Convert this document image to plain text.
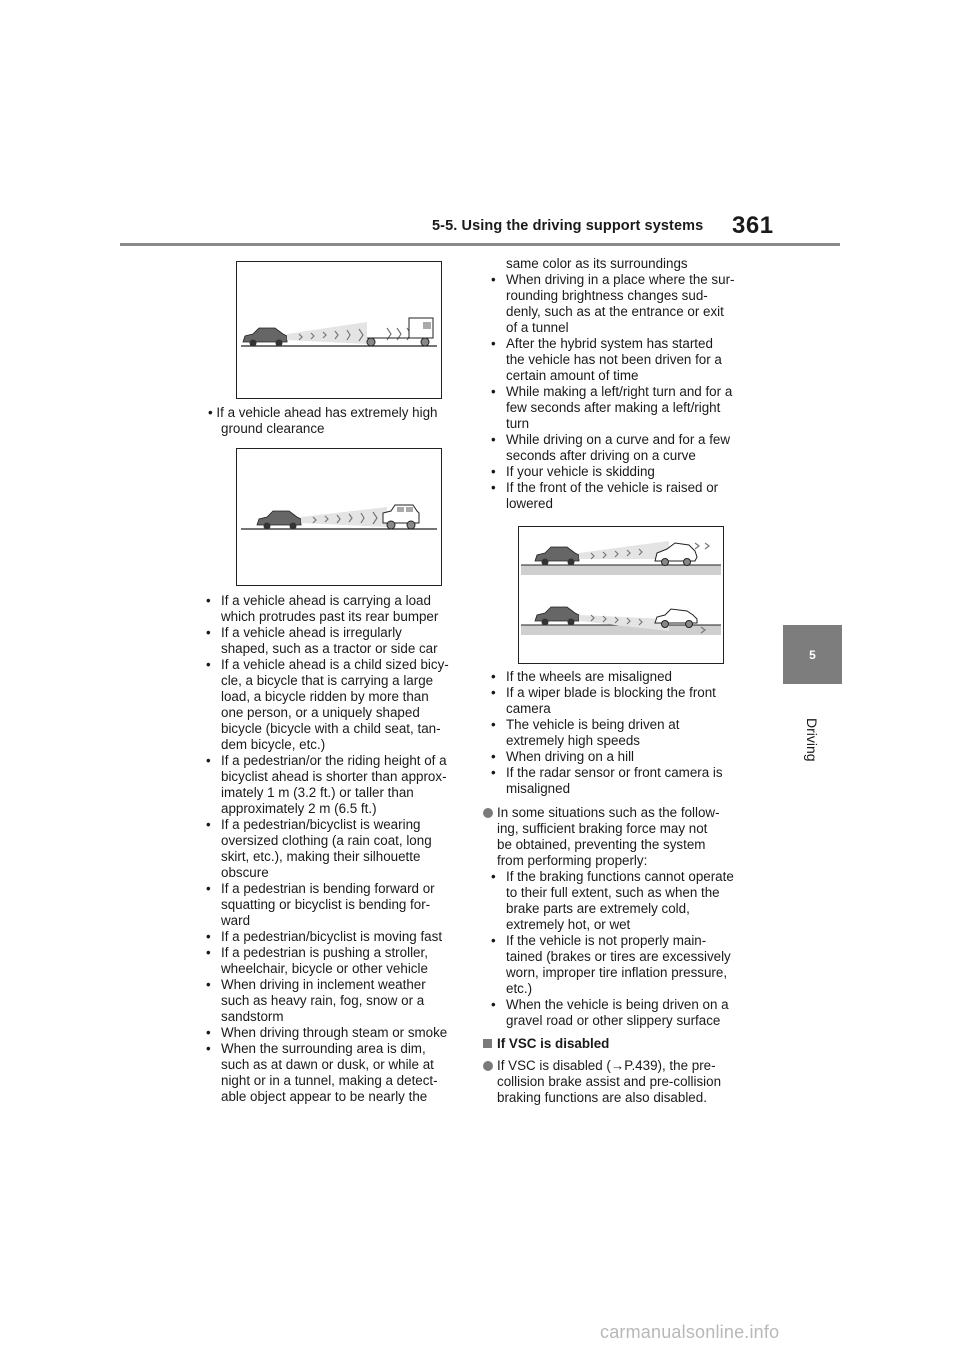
5-5. Using the driving support systems 361
5
Driving

• If a vehicle ahead has extremely high
ground clearance

• If a vehicle ahead is carrying a load
which protrudes past its rear bumper
• If a vehicle ahead is irregularly
shaped, such as a tractor or side car
• If a vehicle ahead is a child sized bicy-
cle, a bicycle that is carrying a large
load, a bicycle ridden by more than
one person, or a uniquely shaped
bicycle (bicycle with a child seat, tan-
dem bicycle, etc.)
• If a pedestrian/or the riding height of a
bicyclist ahead is shorter than approx-
imately 1 m (3.2 ft.) or taller than
approximately 2 m (6.5 ft.)
• If a pedestrian/bicyclist is wearing
oversized clothing (a rain coat, long
skirt, etc.), making their silhouette
obscure
• If a pedestrian is bending forward or
squatting or bicyclist is bending for-
ward
• If a pedestrian/bicyclist is moving fast
• If a pedestrian is pushing a stroller,
wheelchair, bicycle or other vehicle
• When driving in inclement weather
such as heavy rain, fog, snow or a
sandstorm
• When driving through steam or smoke
• When the surrounding area is dim,
such as at dawn or dusk, or while at
night or in a tunnel, making a detect-
able object appear to be nearly the
same color as its surroundings
• When driving in a place where the sur-
rounding brightness changes sud-
denly, such as at the entrance or exit
of a tunnel
• After the hybrid system has started
the vehicle has not been driven for a
certain amount of time
• While making a left/right turn and for a
few seconds after making a left/right
turn
• While driving on a curve and for a few
seconds after driving on a curve
• If your vehicle is skidding
• If the front of the vehicle is raised or
lowered
• If the wheels are misaligned
• If a wiper blade is blocking the front
camera
• The vehicle is being driven at
extremely high speeds
• When driving on a hill
• If the radar sensor or front camera is
misaligned
In some situations such as the follow-
ing, sufficient braking force may not
be obtained, preventing the system
from performing properly:
• If the braking functions cannot operate
to their full extent, such as when the
brake parts are extremely cold,
extremely hot, or wet
• If the vehicle is not properly main-
tained (brakes or tires are excessively
worn, improper tire inflation pressure,
etc.)
• When the vehicle is being driven on a
gravel road or other slippery surface
If VSC is disabled
If VSC is disabled (→P.439), the pre-
collision brake assist and pre-collision
braking functions are also disabled.
carmanualsonline.info
